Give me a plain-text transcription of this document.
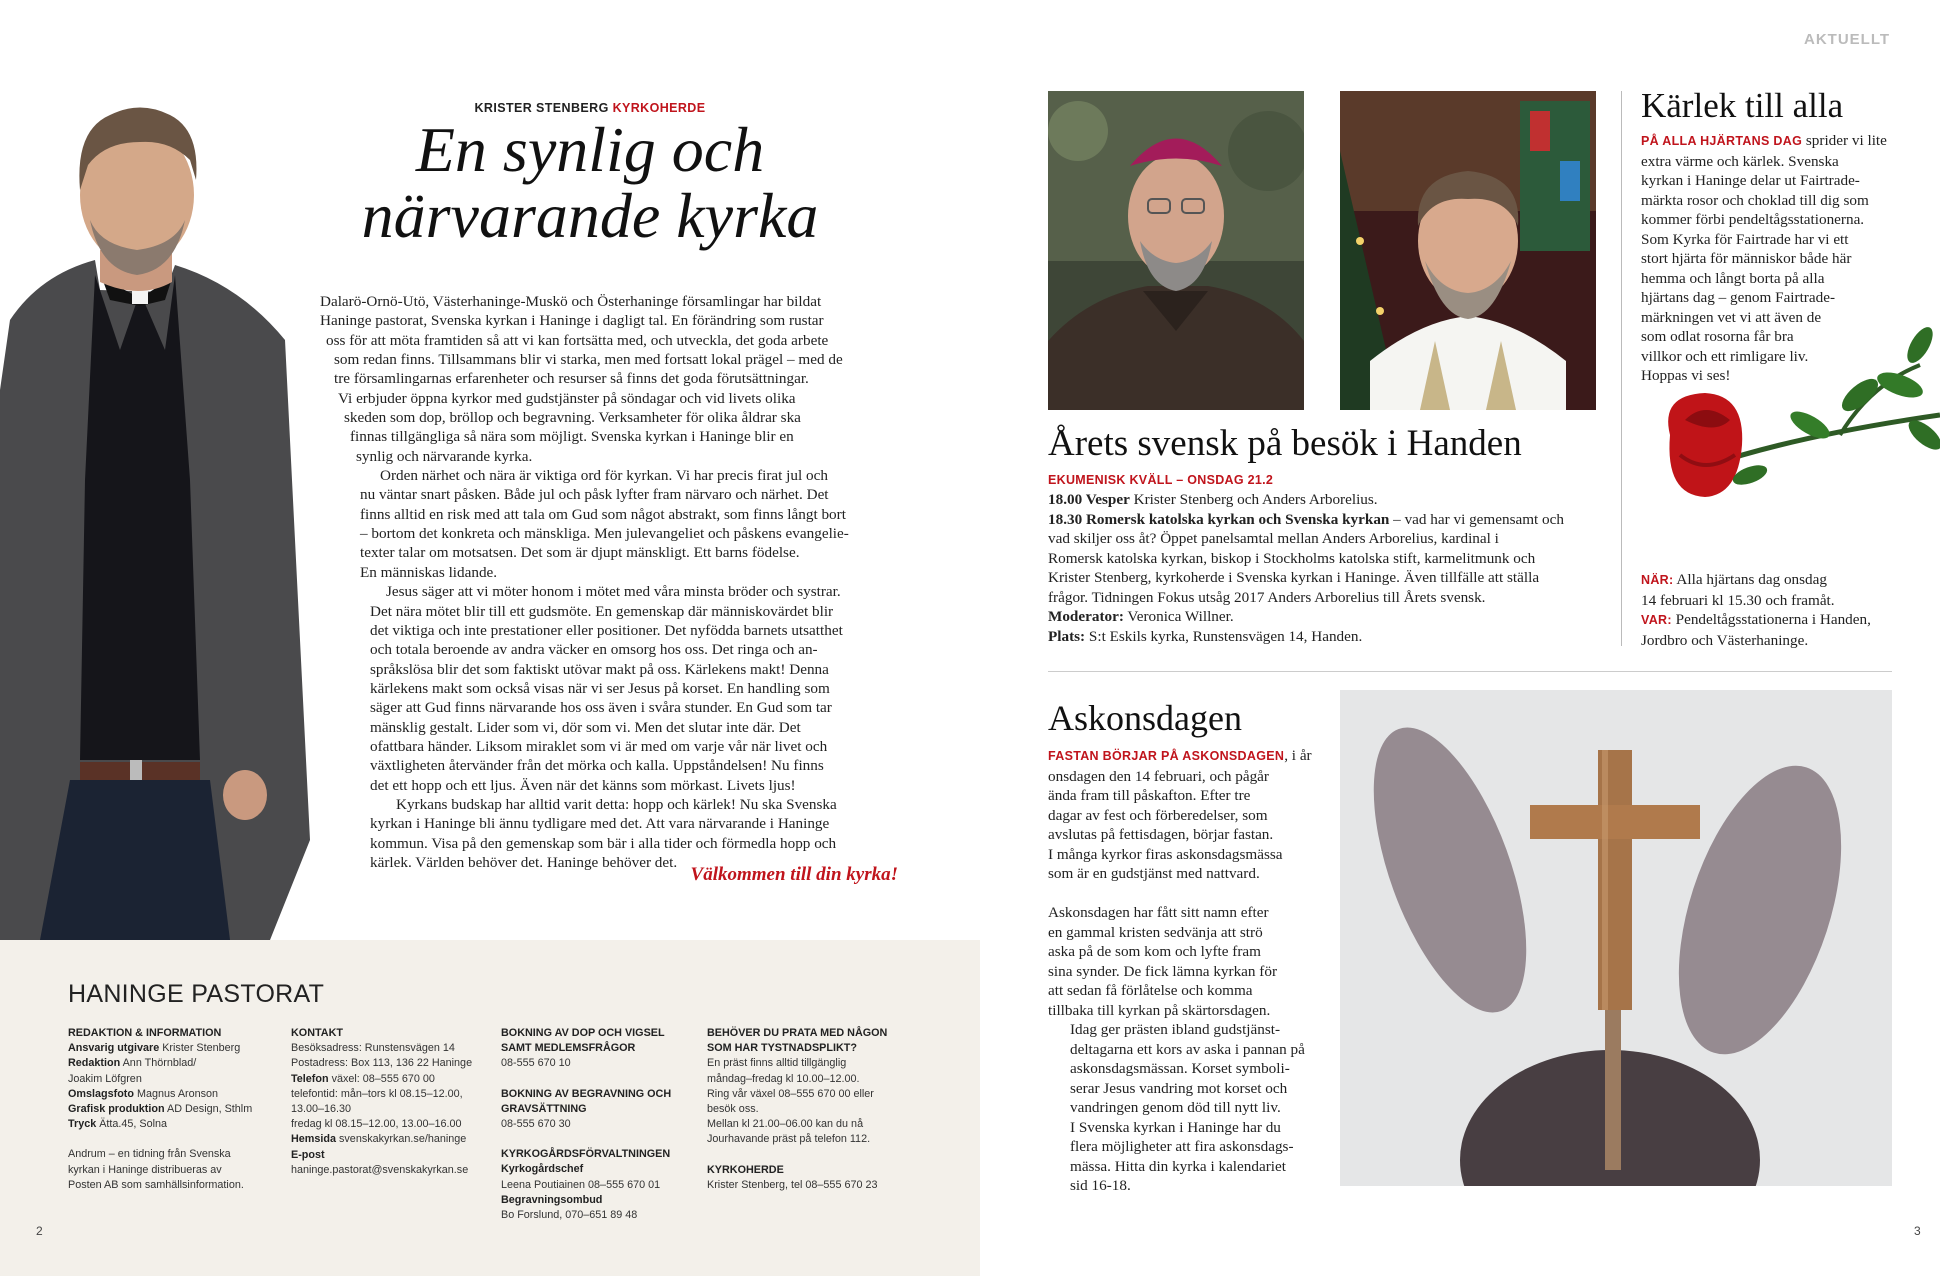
KRISTER STENBERG KYRKOHERDE
En synlig och
närvarande kyrka

Dalarö-Ornö-Utö, Västerhaninge-Muskö och Österhaninge församlingar har bildat

Haninge pastorat, Svenska kyrkan i Haninge i dagligt tal. En förändring som rustar

oss för att möta framtiden så att vi kan fortsätta med, och utveckla, det goda arbete

som redan finns. Tillsammans blir vi starka, men med fortsatt lokal prägel – med de

tre församlingarnas erfarenheter och resurser så finns det goda förutsättningar.

Vi erbjuder öppna kyrkor med gudstjänster på söndagar och vid livets olika

skeden som dop, bröllop och begravning. Verksamheter för olika åldrar ska

finnas tillgängliga så nära som möjligt. Svenska kyrkan i Haninge blir en

synlig och närvarande kyrka.

Orden närhet och nära är viktiga ord för kyrkan. Vi har precis firat jul och

nu väntar snart påsken. Både jul och påsk lyfter fram närvaro och närhet. Det

finns alltid en risk med att tala om Gud som något abstrakt, som finns långt bort

– bortom det konkreta och mänskliga. Men julevangeliet och påskens evangelie-

texter talar om motsatsen. Det som är djupt mänskligt. Ett barns födelse.

En människas lidande.

Jesus säger att vi möter honom i mötet med våra minsta bröder och systrar.

Det nära mötet blir till ett gudsmöte. En gemenskap där människovärdet blir

det viktiga och inte prestationer eller positioner. Det nyfödda barnets utsatthet

och totala beroende av andra väcker en omsorg hos oss. Det ringa och an-

språkslösa blir det som faktiskt utövar makt på oss. Kärlekens makt! Denna

kärlekens makt som också visas när vi ser Jesus på korset. En handling som

säger att Gud finns närvarande hos oss även i svåra stunder. En Gud som tar

mänsklig gestalt. Lider som vi, dör som vi. Men det slutar inte där. Det

ofattbara händer. Liksom miraklet som vi är med om varje vår när livet och

växtligheten återvänder från det mörka och kalla. Uppståndelsen! Nu finns

det ett hopp och ett ljus. Även när det känns som mörkast. Livets ljus!

Kyrkans budskap har alltid varit detta: hopp och kärlek! Nu ska Svenska

kyrkan i Haninge bli ännu tydligare med det. Att vara närvarande i Haninge

kommun. Visa på den gemenskap som bär i alla tider och förmedla hopp och

kärlek. Världen behöver det. Haninge behöver det.

Välkommen till din kyrka!
HANINGE PASTORAT
REDAKTION & INFORMATION
Ansvarig utgivare Krister Stenberg
Redaktion Ann Thörnblad/
Joakim Löfgren
Omslagsfoto Magnus Aronson
Grafisk produktion AD Design, Sthlm
Tryck Ätta.45, Solna
Andrum – en tidning från Svenska
kyrkan i Haninge distribueras av
Posten AB som samhällsinformation.
KONTAKT
Besöksadress: Runstensvägen 14
Postadress: Box 113, 136 22 Haninge
Telefon växel: 08–555 670 00
telefontid: mån–tors kl 08.15–12.00,
13.00–16.30
fredag kl 08.15–12.00, 13.00–16.00
Hemsida svenskakyrkan.se/haninge
E-post
haninge.pastorat@svenskakyrkan.se
BOKNING AV DOP OCH VIGSEL
SAMT MEDLEMSFRÅGOR
08-555 670 10
BOKNING AV BEGRAVNING OCH
GRAVSÄTTNING
08-555 670 30
KYRKOGÅRDSFÖRVALTNINGEN
Kyrkogårdschef
Leena Poutiainen 08–555 670 01
Begravningsombud
Bo Forslund, 070–651 89 48
BEHÖVER DU PRATA MED NÅGON
SOM HAR TYSTNADSPLIKT?
En präst finns alltid tillgänglig
måndag–fredag kl 10.00–12.00.
Ring vår växel 08–555 670 00 eller
besök oss.
Mellan kl 21.00–06.00 kan du nå
Jourhavande präst på telefon 112.
KYRKOHERDE
Krister Stenberg, tel 08–555 670 23
2
AKTUELLT
Årets svensk på besök i Handen
EKUMENISK KVÄLL – ONSDAG 21.2

18.00 Vesper Krister Stenberg och Anders Arborelius.

18.30 Romersk katolska kyrkan och Svenska kyrkan – vad har vi gemensamt och

vad skiljer oss åt? Öppet panelsamtal mellan Anders Arborelius, kardinal i

Romersk katolska kyrkan, biskop i Stockholms katolska stift, karmelitmunk och

Krister Stenberg, kyrkoherde i Svenska kyrkan i Haninge. Även tillfälle att ställa

frågor. Tidningen Fokus utsåg 2017 Anders Arborelius till Årets svensk.

Moderator: Veronica Willner.

Plats: S:t Eskils kyrka, Runstensvägen 14, Handen.

Kärlek till alla

PÅ ALLA HJÄRTANS DAG sprider vi lite

extra värme och kärlek. Svenska

kyrkan i Haninge delar ut Fairtrade-

märkta rosor och choklad till dig som

kommer förbi pendeltågsstationerna.

Som Kyrka för Fairtrade har vi ett

stort hjärta för människor både här

hemma och långt borta på alla

hjärtans dag – genom Fairtrade-

märkningen vet vi att även de

som odlat rosorna får bra

villkor och ett rimligare liv.

Hoppas vi ses!

NÄR: Alla hjärtans dag onsdag

14 februari kl 15.30 och framåt.

VAR: Pendeltågsstationerna i Handen,

Jordbro och Västerhaninge.

Askonsdagen

FASTAN BÖRJAR PÅ ASKONSDAGEN, i år

onsdagen den 14 februari, och pågår

ända fram till påskafton. Efter tre

dagar av fest och förberedelser, som

avslutas på fettisdagen, börjar fastan.

I många kyrkor firas askonsdagsmässa

som är en gudstjänst med nattvard.

Askonsdagen har fått sitt namn efter

en gammal kristen sedvänja att strö

aska på de som kom och lyfte fram

sina synder. De fick lämna kyrkan för

att sedan få förlåtelse och komma

tillbaka till kyrkan på skärtorsdagen.

Idag ger prästen ibland gudstjänst-

deltagarna ett kors av aska i pannan på

askonsdagsmässan. Korset symboli-

serar Jesus vandring mot korset och

vandringen genom död till nytt liv.

I Svenska kyrkan i Haninge har du

flera möjligheter att fira askonsdags-

mässa. Hitta din kyrka i kalendariet

sid 16-18.

3
